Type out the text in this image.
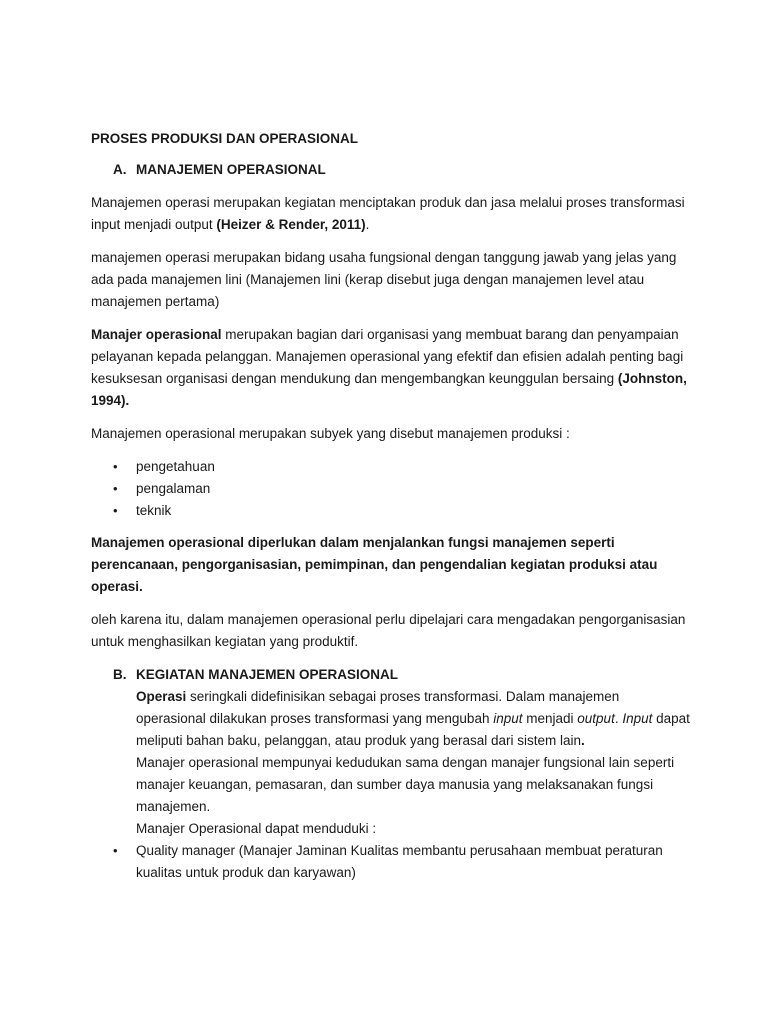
PROSES PRODUKSI DAN OPERASIONAL
A. MANAJEMEN OPERASIONAL

Manajemen operasi merupakan kegiatan menciptakan produk dan jasa melalui proses transformasi input menjadi output (Heizer & Render, 2011).

manajemen operasi merupakan bidang usaha fungsional dengan tanggung jawab yang jelas yang ada pada manajemen lini (Manajemen lini (kerap disebut juga dengan manajemen level atau manajemen pertama)

Manajer operasional merupakan bagian dari organisasi yang membuat barang dan penyampaian pelayanan kepada pelanggan. Manajemen operasional yang efektif dan efisien adalah penting bagi kesuksesan organisasi dengan mendukung dan mengembangkan keunggulan bersaing (Johnston, 1994).

Manajemen operasional merupakan subyek yang disebut manajemen produksi :

• pengetahuan
• pengalaman
• teknik

Manajemen operasional diperlukan dalam menjalankan fungsi manajemen seperti perencanaan, pengorganisasian, pemimpinan, dan pengendalian kegiatan produksi atau operasi.

oleh karena itu, dalam manajemen operasional perlu dipelajari cara mengadakan pengorganisasian untuk menghasilkan kegiatan yang produktif.

B. KEGIATAN MANAJEMEN OPERASIONAL
Operasi seringkali didefinisikan sebagai proses transformasi. Dalam manajemen operasional dilakukan proses transformasi yang mengubah input menjadi output. Input dapat meliputi bahan baku, pelanggan, atau produk yang berasal dari sistem lain.
Manajer operasional mempunyai kedudukan sama dengan manajer fungsional lain seperti manajer keuangan, pemasaran, dan sumber daya manusia yang melaksanakan fungsi manajemen.
Manajer Operasional dapat menduduki :
• Quality manager (Manajer Jaminan Kualitas membantu perusahaan membuat peraturan kualitas untuk produk dan karyawan)
